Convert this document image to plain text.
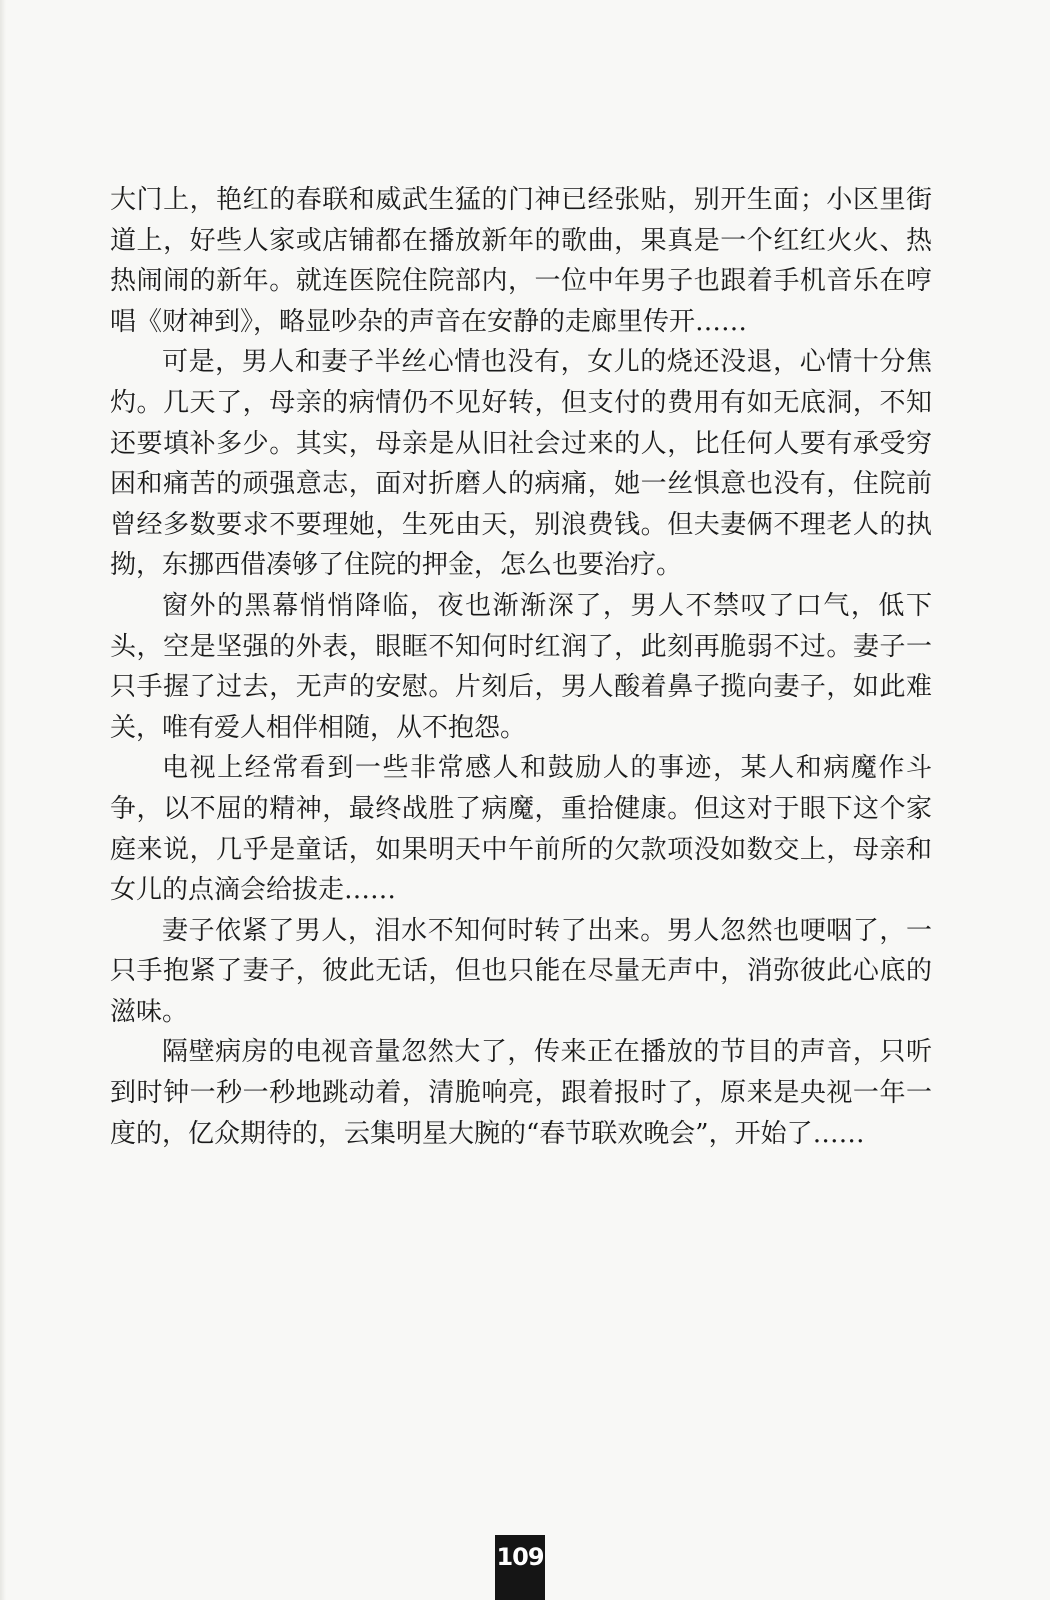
大门上，艳红的春联和威武生猛的门神已经张贴，别开生面；小区里街道上，好些人家或店铺都在播放新年的歌曲，果真是一个红红火火、热热闹闹的新年。就连医院住院部内，一位中年男子也跟着手机音乐在哼唱《财神到》，略显吵杂的声音在安静的走廊里传开……

可是，男人和妻子半丝心情也没有，女儿的烧还没退，心情十分焦灼。几天了，母亲的病情仍不见好转，但支付的费用有如无底洞，不知还要填补多少。其实，母亲是从旧社会过来的人，比任何人要有承受穷困和痛苦的顽强意志，面对折磨人的病痛，她一丝惧意也没有，住院前曾经多数要求不要理她，生死由天，别浪费钱。但夫妻俩不理老人的执拗，东挪西借凑够了住院的押金，怎么也要治疗。

窗外的黑幕悄悄降临，夜也渐渐深了，男人不禁叹了口气，低下头，空是坚强的外表，眼眶不知何时红润了，此刻再脆弱不过。妻子一只手握了过去，无声的安慰。片刻后，男人酸着鼻子揽向妻子，如此难关，唯有爱人相伴相随，从不抱怨。

电视上经常看到一些非常感人和鼓励人的事迹，某人和病魔作斗争，以不屈的精神，最终战胜了病魔，重拾健康。但这对于眼下这个家庭来说，几乎是童话，如果明天中午前所的欠款项没如数交上，母亲和女儿的点滴会给拔走……

妻子依紧了男人，泪水不知何时转了出来。男人忽然也哽咽了，一只手抱紧了妻子，彼此无话，但也只能在尽量无声中，消弥彼此心底的滋味。

隔壁病房的电视音量忽然大了，传来正在播放的节目的声音，只听到时钟一秒一秒地跳动着，清脆响亮，跟着报时了，原来是央视一年一度的，亿众期待的，云集明星大腕的“春节联欢晚会”，开始了……

109
